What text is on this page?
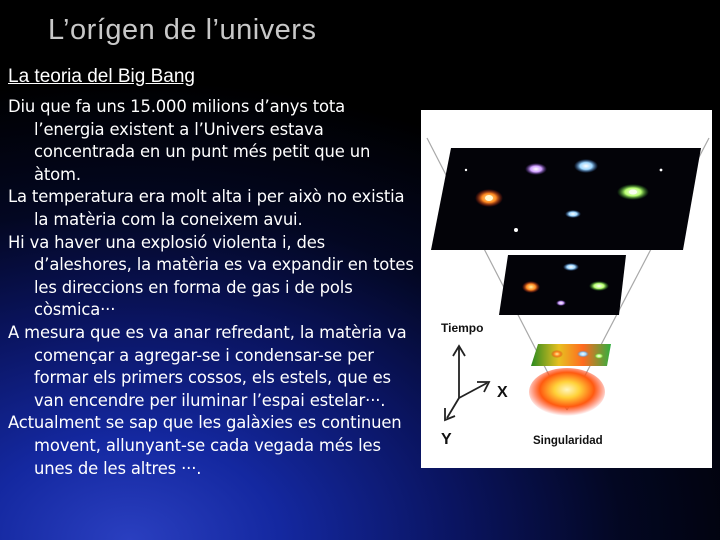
L’orígen de l’univers
La teoria del Big Bang

Diu que fa uns 15.000 milions d’anys tota l’energia existent a l’Univers estava concentrada en un punt més petit que un àtom.

La temperatura era molt alta i per això no existia la matèria com la coneixem avui.

Hi va haver una explosió violenta i, des d’aleshores, la matèria es va expandir en totes les direccions en forma de gas i de pols còsmica···

A mesura que es va anar refredant, la matèria va començar a agregar-se i condensar-se per formar els primers cossos, els estels, que es van encendre per iluminar l’espai estelar···.

Actualment se sap que les galàxies es continuen movent, allunyant-se cada vegada més les unes de les altres ···.

Tiempo
X
Y	Singularidad
